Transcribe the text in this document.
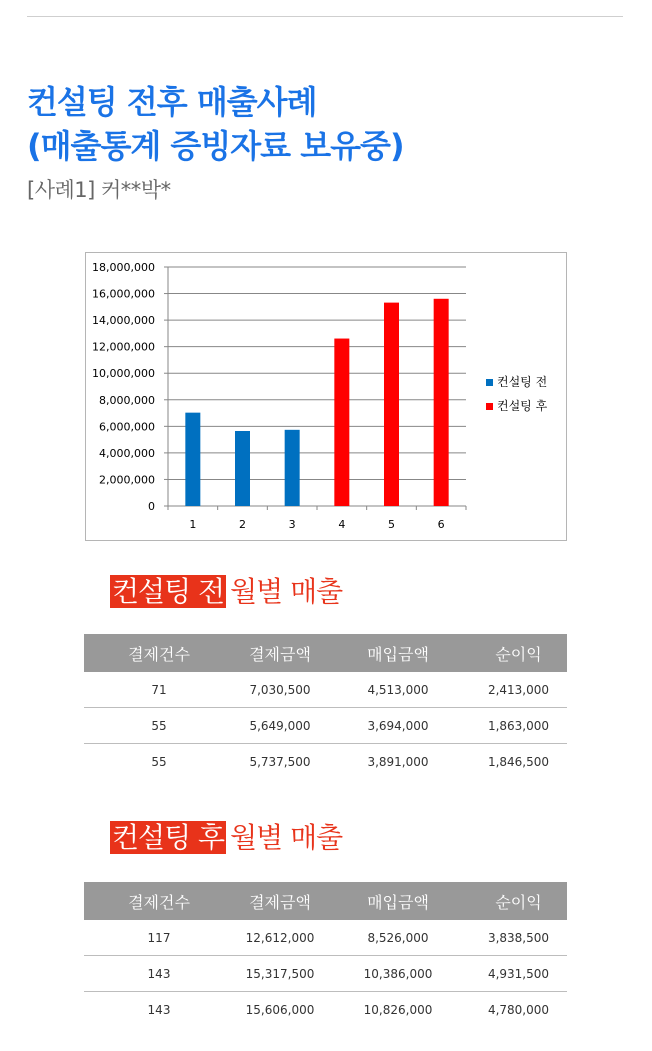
컨설팅 전후 매출사례
(매출통계 증빙자료 보유중)
[사례1] 커**박*
0
2,000,000
4,000,000
6,000,000
8,000,000
10,000,000
12,000,000
14,000,000
16,000,000
18,000,000
1	2	3	4	5	6
컨설팅 전
컨설팅 후
컨설팅 전 월별 매출
결제건수	결제금액	매입금액	순이익
71	7,030,500	4,513,000	2,413,000
55	5,649,000	3,694,000	1,863,000
55	5,737,500	3,891,000	1,846,500
컨설팅 후 월별 매출
결제건수	결제금액	매입금액	순이익
117	12,612,000	8,526,000	3,838,500
143	15,317,500	10,386,000	4,931,500
143	15,606,000	10,826,000	4,780,000
